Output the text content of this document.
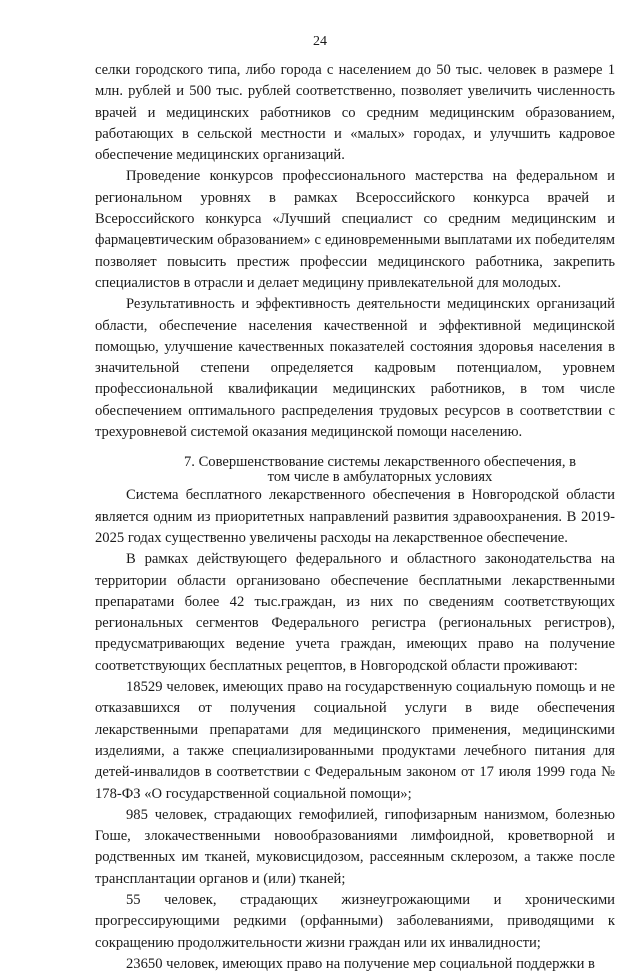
24

селки городского типа, либо города с населением до 50 тыс. человек в размере 1 млн. рублей и 500 тыс. рублей соответственно, позволяет увеличить численность врачей и медицинских работников со средним медицинским образованием, работающих в сельской местности и «малых» городах, и улучшить кадровое обеспечение медицинских организаций.

Проведение конкурсов профессионального мастерства на федеральном и региональном уровнях в рамках Всероссийского конкурса врачей и Всероссийского конкурса «Лучший специалист со средним медицинским и фармацевтическим образованием» с единовременными выплатами их победителям позволяет повысить престиж профессии медицинского работника, закрепить специалистов в отрасли и делает медицину привлекательной для молодых.

Результативность и эффективность деятельности медицинских организаций области, обеспечение населения качественной и эффективной медицинской помощью, улучшение качественных показателей состояния здоровья населения в значительной степени определяется кадровым потенциалом, уровнем профессиональной квалификации медицинских работников, в том числе обеспечением оптимального распределения трудовых ресурсов в соответствии с трехуровневой системой оказания медицинской помощи населению.

7. Совершенствование системы лекарственного обеспечения, в
том числе в амбулаторных условиях

Система бесплатного лекарственного обеспечения в Новгородской области является одним из приоритетных направлений развития здравоохранения. В 2019-2025 годах существенно увеличены расходы на лекарственное обеспечение.

В рамках действующего федерального и областного законодательства на территории области организовано обеспечение бесплатными лекарственными препаратами более 42 тыс.граждан, из них по сведениям соответствующих региональных сегментов Федерального регистра (региональных регистров), предусматривающих ведение учета граждан, имеющих право на получение соответствующих бесплатных рецептов, в Новгородской области проживают:

18529 человек, имеющих право на государственную социальную помощь и не отказавшихся от получения социальной услуги в виде обеспечения лекарственными препаратами для медицинского применения, медицинскими изделиями, а также специализированными продуктами лечебного питания для детей-инвалидов в соответствии с Федеральным законом от 17 июля 1999 года № 178-ФЗ «О государственной социальной помощи»;

985 человек, страдающих гемофилией, гипофизарным нанизмом, болезнью Гоше, злокачественными новообразованиями лимфоидной, кроветворной и родственных им тканей, муковисцидозом, рассеянным склерозом, а также после трансплантации органов и (или) тканей;

55 человек, страдающих жизнеугрожающими и хроническими прогрессирующими редкими (орфанными) заболеваниями, приводящими к сокращению продолжительности жизни граждан или их инвалидности;

23650 человек, имеющих право на получение мер социальной поддержки в
